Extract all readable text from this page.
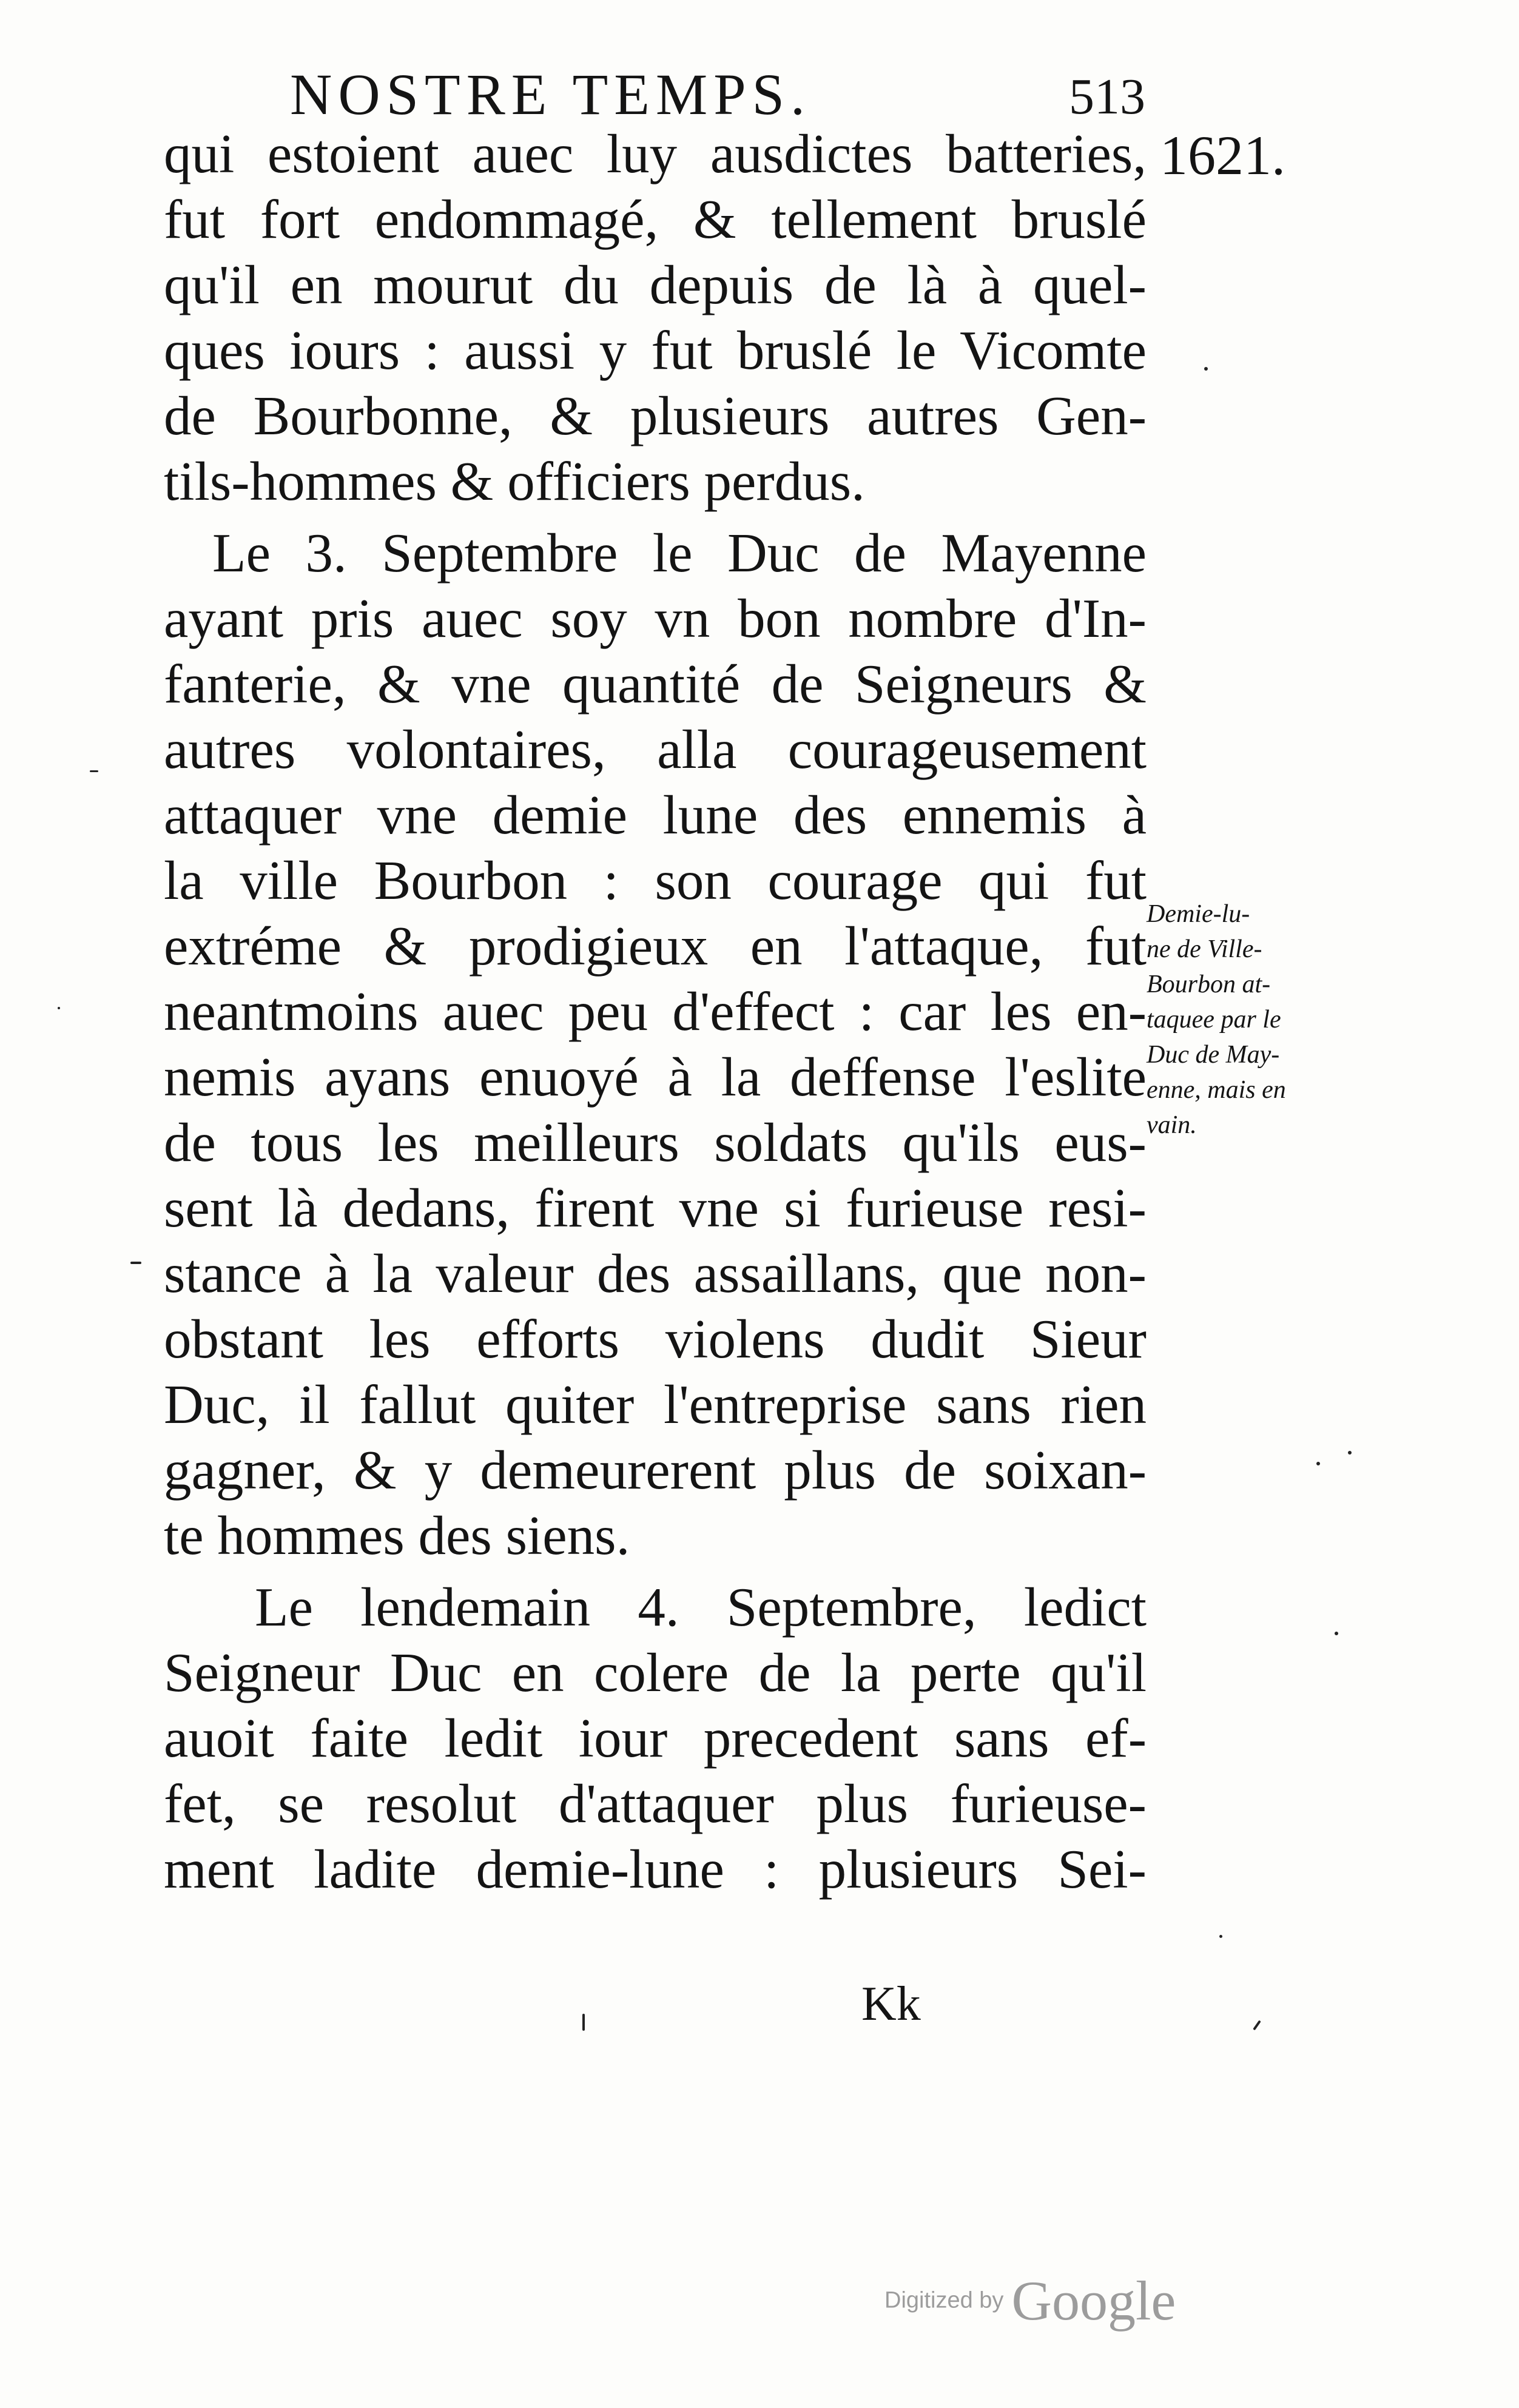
NOSTRE TEMPS.	513
1621.
qui estoient auec luy ausdictes batteries,
fut fort endommagé, & tellement bruslé
qu'il en mourut du depuis de là à quel-
ques iours : aussi y fut bruslé le Vicomte
de Bourbonne, & plusieurs autres Gen-
tils-hommes & officiers perdus.
Le 3. Septembre le Duc de Mayenne
ayant pris auec soy vn bon nombre d'In-
fanterie, & vne quantité de Seigneurs &
autres volontaires, alla courageusement
attaquer vne demie lune des ennemis à
la ville Bourbon : son courage qui fut
extréme & prodigieux en l'attaque, fut
neantmoins auec peu d'effect : car les en-
nemis ayans enuoyé à la deffense l'eslite
de tous les meilleurs soldats qu'ils eus-
sent là dedans, firent vne si furieuse resi-
stance à la valeur des assaillans, que non-
obstant les efforts violens dudit Sieur
Duc, il fallut quiter l'entreprise sans rien
gagner, & y demeurerent plus de soixan-
te hommes des siens.
Le lendemain 4. Septembre, ledict
Seigneur Duc en colere de la perte qu'il
auoit faite ledit iour precedent sans ef-
fet, se resolut d'attaquer plus furieuse-
ment ladite demie-lune : plusieurs Sei-
Demie-lu-
ne de Ville-
Bourbon at-
taquee par le
Duc de May-
enne, mais en
vain.
Kk
Digitized by Google
